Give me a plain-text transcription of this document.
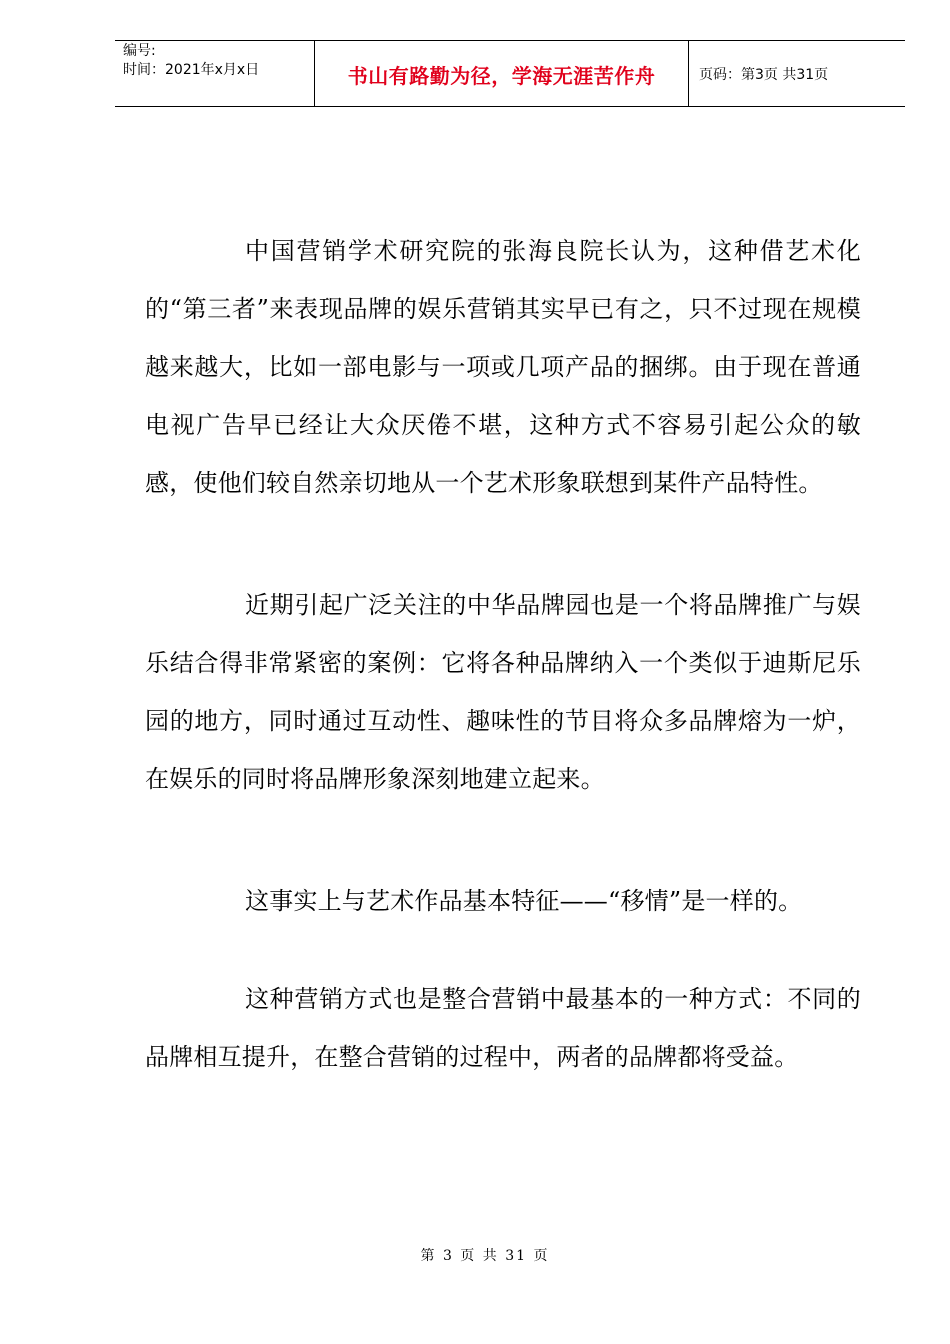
编号:
时间：2021年x月x日	书山有路勤为径，学海无涯苦作舟	页码：第3页 共31页

中国营销学术研究院的张海良院长认为，这种借艺术化的“第三者”来表现品牌的娱乐营销其实早已有之，只不过现在规模越来越大，比如一部电影与一项或几项产品的捆绑。由于现在普通电视广告早已经让大众厌倦不堪，这种方式不容易引起公众的敏感，使他们较自然亲切地从一个艺术形象联想到某件产品特性。

近期引起广泛关注的中华品牌园也是一个将品牌推广与娱乐结合得非常紧密的案例：它将各种品牌纳入一个类似于迪斯尼乐园的地方，同时通过互动性、趣味性的节目将众多品牌熔为一炉，在娱乐的同时将品牌形象深刻地建立起来。

这事实上与艺术作品基本特征——“移情”是一样的。

这种营销方式也是整合营销中最基本的一种方式：不同的品牌相互提升，在整合营销的过程中，两者的品牌都将受益。

第 3 页 共 31 页
